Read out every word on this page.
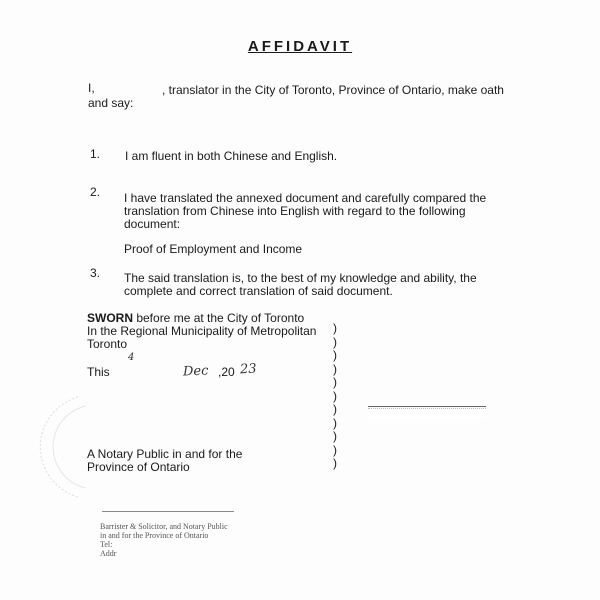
AFFIDAVIT
I,	, translator in the City of Toronto, Province of Ontario, make oath
and say:
1. I am fluent in both Chinese and English.
2. I have translated the annexed document and carefully compared the
translation from Chinese into English with regard to the following
document:
Proof of Employment and Income
3. The said translation is, to the best of my knowledge and ability, the
complete and correct translation of said document.
SWORN before me at the City of Toronto
In the Regional Municipality of Metropolitan
Toronto
This
4
Dec ,20 23
)
)
)
)
)
)
)
)
)
)
)
A Notary Public in and for the
Province of Ontario
Barrister & Solicitor, and Notary Public
in and for the Province of Ontario
Tel:
Addr
